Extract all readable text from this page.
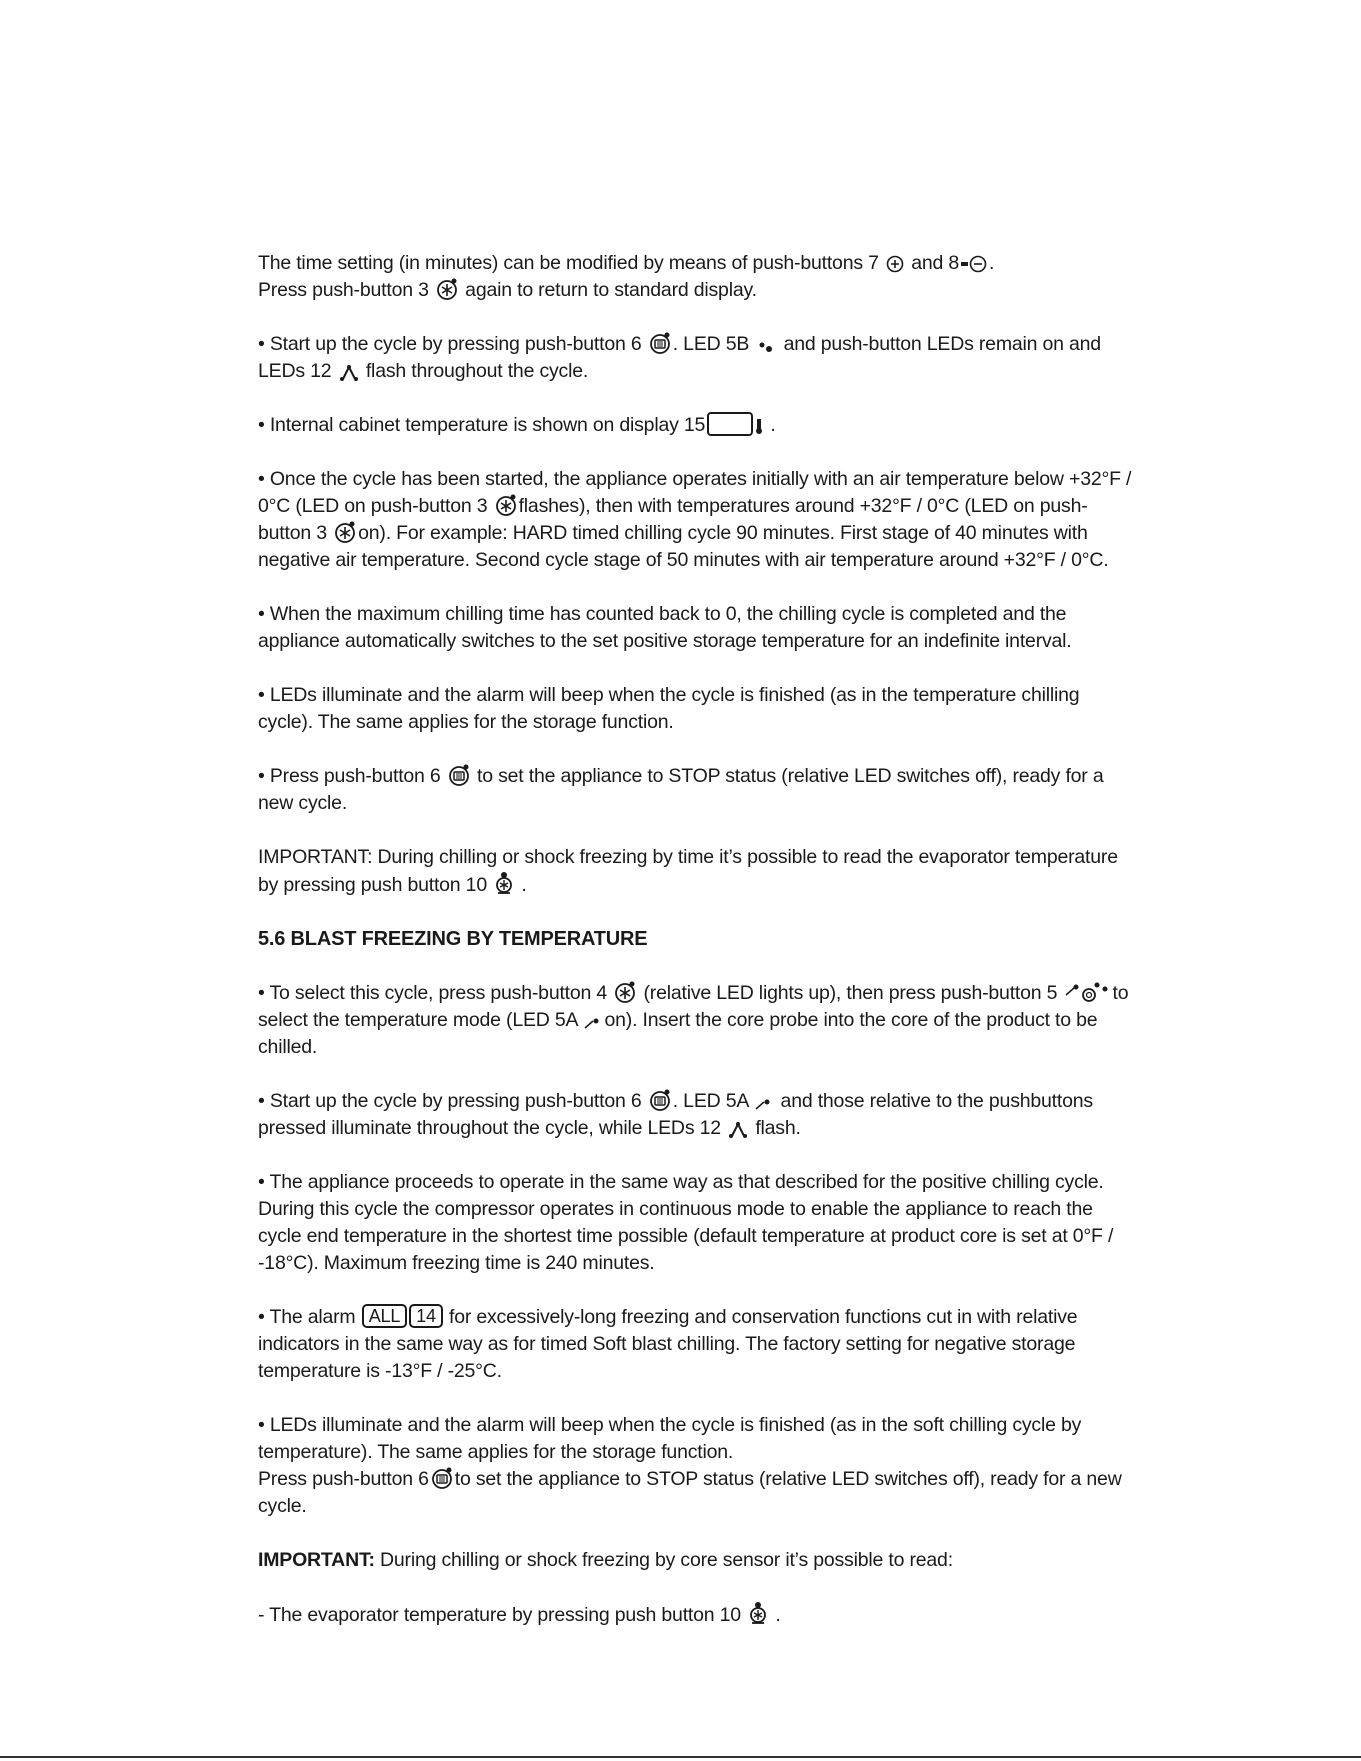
The time setting (in minutes) can be modified by means of push-buttons 7 and 8 .

Press push-button 3 again to return to standard display.

• Start up the cycle by pressing push-button 6 . LED 5B and push-button LEDs remain on and
LEDs 12 flash throughout the cycle.

• Internal cabinet temperature is shown on display 15	.

• Once the cycle has been started, the appliance operates initially with an air temperature below +32°F / 0°C (LED on push-button 3 flashes), then with temperatures around +32°F / 0°C (LED on push-button 3 on). For example: HARD timed chilling cycle 90 minutes. First stage of 40 minutes with negative air temperature. Second cycle stage of 50 minutes with air temperature around +32°F / 0°C.

• When the maximum chilling time has counted back to 0, the chilling cycle is completed and the appliance automatically switches to the set positive storage temperature for an indefinite interval.

• LEDs illuminate and the alarm will beep when the cycle is finished (as in the temperature chilling cycle). The same applies for the storage function.

• Press push-button 6 to set the appliance to STOP status (relative LED switches off), ready for a new cycle.

IMPORTANT: During chilling or shock freezing by time it’s possible to read the evaporator temperature by pressing push button 10 .

5.6 BLAST FREEZING BY TEMPERATURE

• To select this cycle, press push-button 4 (relative LED lights up), then press push-button 5	to select the temperature mode (LED 5A on). Insert the core probe into the core of the product to be chilled.

• Start up the cycle by pressing push-button 6 . LED 5A and those relative to the pushbuttons pressed illuminate throughout the cycle, while LEDs 12 flash.

• The appliance proceeds to operate in the same way as that described for the positive chilling cycle. During this cycle the compressor operates in continuous mode to enable the appliance to reach the cycle end temperature in the shortest time possible (default temperature at product core is set at 0°F / -18°C). Maximum freezing time is 240 minutes.

• The alarm ALL 14 for excessively-long freezing and conservation functions cut in with relative indicators in the same way as for timed Soft blast chilling. The factory setting for negative storage temperature is -13°F / -25°C.

• LEDs illuminate and the alarm will beep when the cycle is finished (as in the soft chilling cycle by temperature). The same applies for the storage function.

Press push-button 6 to set the appliance to STOP status (relative LED switches off), ready for a new cycle.

IMPORTANT: During chilling or shock freezing by core sensor it’s possible to read:

- The evaporator temperature by pressing push button 10 .
